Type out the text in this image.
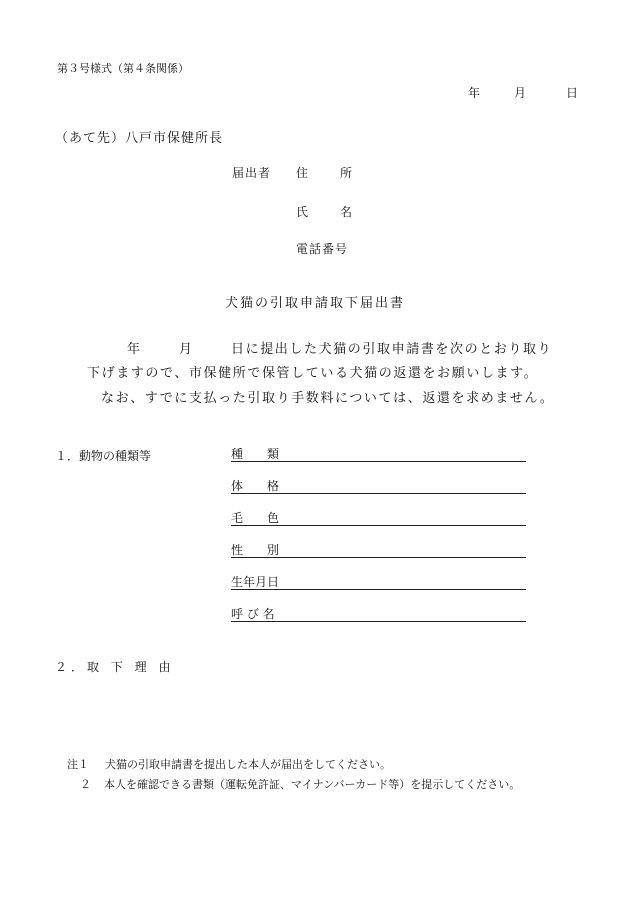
第３号様式（第４条関係）
年	月	日
（あて先）八戸市保健所長
届出者 住	所
氏	名
電話番号
犬猫の引取申請取下届出書
年	月	日に提出した犬猫の引取申請書を次のとおり取り
下げますので、市保健所で保管している犬猫の返還をお願いします。
なお、すでに支払った引取り手数料については、返還を求めません。
１．動物の種類等	種　　類
体　　格
毛　　色
性　　別
生年月日
呼 び 名
２．取 下 理 由
注１ 犬猫の引取申請書を提出した本人が届出をしてください。
２ 本人を確認できる書類（運転免許証、マイナンバーカード等）を提示してください。
